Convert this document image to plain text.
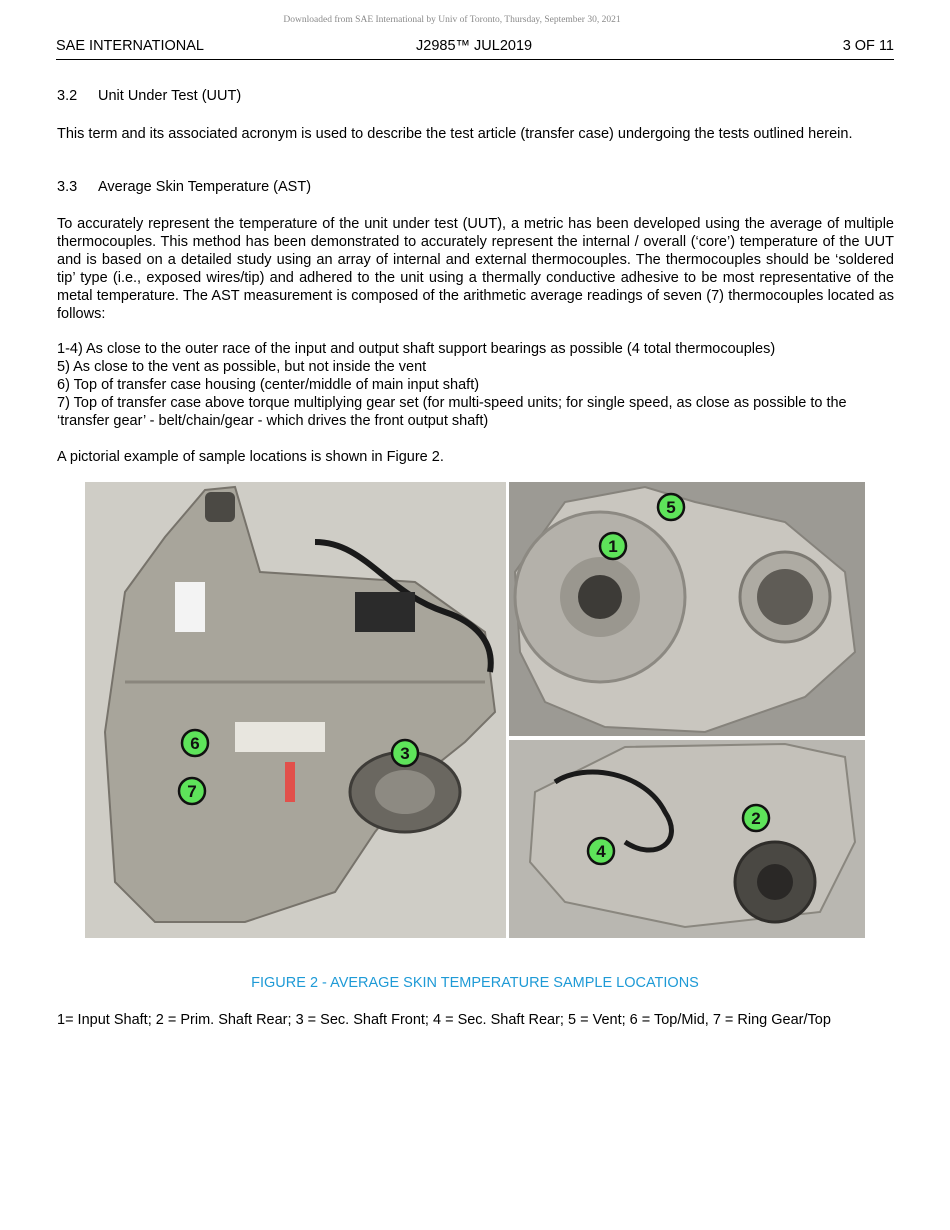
Downloaded from SAE International by Univ of Toronto, Thursday, September 30, 2021
SAE INTERNATIONAL	J2985™ JUL2019	3 OF 11
3.2 Unit Under Test (UUT)
This term and its associated acronym is used to describe the test article (transfer case) undergoing the tests outlined herein.
3.3 Average Skin Temperature (AST)
To accurately represent the temperature of the unit under test (UUT), a metric has been developed using the average of multiple thermocouples. This method has been demonstrated to accurately represent the internal / overall (‘core’) temperature of the UUT and is based on a detailed study using an array of internal and external thermocouples. The thermocouples should be ‘soldered tip’ type (i.e., exposed wires/tip) and adhered to the unit using a thermally conductive adhesive to be most representative of the metal temperature. The AST measurement is composed of the arithmetic average readings of seven (7) thermocouples located as follows:
1-4) As close to the outer race of the input and output shaft support bearings as possible (4 total thermocouples)
5) As close to the vent as possible, but not inside the vent
6) Top of transfer case housing (center/middle of main input shaft)
7) Top of transfer case above torque multiplying gear set (for multi-speed units; for single speed, as close as possible to the ‘transfer gear’ - belt/chain/gear - which drives the front output shaft)
A pictorial example of sample locations is shown in Figure 2.
1
2
3
4
5
6
7
FIGURE 2 - AVERAGE SKIN TEMPERATURE SAMPLE LOCATIONS
1= Input Shaft; 2 = Prim. Shaft Rear; 3 = Sec. Shaft Front; 4 = Sec. Shaft Rear; 5 = Vent; 6 = Top/Mid, 7 = Ring Gear/Top
